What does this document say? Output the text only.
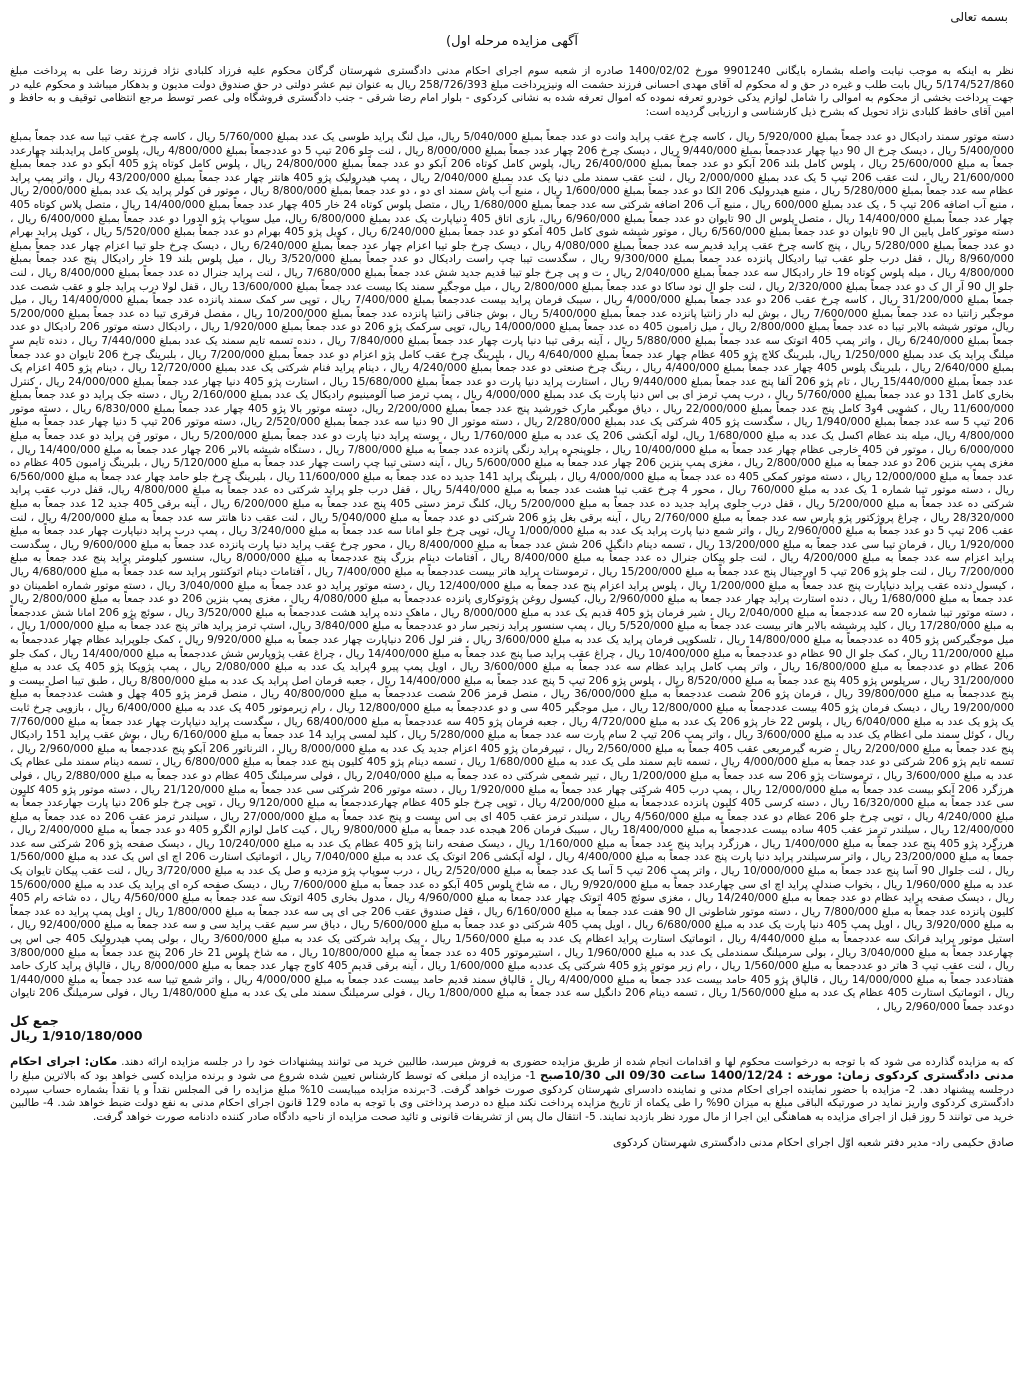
بسمه تعالی
آگهی مزایده مرحله اول)

نظر به اینکه به موجب نیابت واصله بشماره بایگانی 9901240 مورخ 1400/02/02 صادره از شعبه سوم اجرای احکام مدنی دادگستری شهرستان گرگان محکوم علیه فرزاد کلبادی نژاد فرزند رضا علی به پرداخت مبلغ 5/174/527/860 ریال بابت طلب و غیره در حق و له محکوم له آقای مهدی احسانی فرزند حشمت اله ونیزپرداخت مبلغ 258/726/393 ریال به عنوان نیم عشر دولتی در حق صندوق دولت مدیون و بدهکار میباشد و محکوم علیه در جهت پرداخت بخشی از محکوم به اموالی را شامل لوازم یدکی خودرو تعرفه نموده که اموال تعرفه شده به نشانی کردکوی - بلوار امام رضا شرقی - جنب دادگستری فروشگاه ولی عصر توسط مرجع انتظامی توقیف و به حافظ و امین آقای حافظ کلبادی نژاد تحویل که بشرح ذیل کارشناسی و ارزیابی گردیده است:

دسته موتور سمند رادیکال دو عدد جمعاً بمبلغ 5/920/000 ریال ، کاسه چرخ عقب پراید وانت دو عدد جمعاً بمبلغ 5/040/000 ریال، میل لنگ پراید طوسی یک عدد بمبلغ 5/760/000 ریال ، کاسه چرخ عقب تیبا سه عدد جمعاً بمبلغ 5/400/000 ریال ، دیسک چرخ ال 90 دیپا چهار عددجمعاً بمبلغ 9/440/000 ریال ، دیسک چرخ 206 چهار عدد جمعاً بمبلغ 8/000/000 ریال ، لنت جلو 206 تیپ 5 دو عددجمعاً بمبلغ 4/800/000 ریال، پلوس کامل پرایدبلند چهارعدد جمعاً به مبلغ 25/600/000 ریال ، پلوس کامل بلند 206 آبکو دو عدد جمعاً بمبلغ 26/400/000 ریال، پلوس کامل کوتاه 206 آبکو دو عدد جمعاً بمبلغ 24/800/000 ریال ، پلوس کامل کوتاه پژو 405 آبکو دو عدد جمعاً بمبلغ 21/600/000 ریال ، لنت عقب 206 تیپ 5 یک عدد بمبلغ 2/000/000 ریال ، لنت عقب سمند ملی دنیا یک عدد بمبلغ 2/040/000 ریال ، پمپ هیدرولیک پژو 405 هانتر چهار عدد جمعاً بمبلغ 43/200/000 ریال ، واتر پمپ پراید عظام سه عدد جمعاً بمبلغ 5/280/000 ریال ، منبع هیدرولیک 206 الکا دو عدد جمعاً بمبلغ 1/600/000 ریال ، منبع آب پاش سمند ای دو ، دو عدد جمعاً بمبلغ 8/800/000 ریال ، موتور فن کولر پراید یک عدد بمبلغ 2/000/000 ریال ، منبع آب اضافه 206 تیپ 5 ، یک عدد بمبلغ 600/000 ریال ، منبع آب 206 اضافه شرکتی سه عدد جمعاً بمبلغ 1/680/000 ریال ، متصل پلوس کوتاه 24 خار 405 چهار عدد جمعاً بمبلغ 14/400/000 ریال ، متصل پلاس کوتاه 405 چهار عدد جمعاً بمبلغ 14/400/000 ریال ، متصل پلوس ال 90 تایوان دو عدد جمعاً بمبلغ 6/960/000 ریال، بازی اتاق 405 دنیاپارت یک عدد بمبلغ 6/800/000 ریال، میل سوپاپ پژو الدورا دو عدد جمعاً بمبلغ 6/400/000 ریال ، دسته موتور کامل پایین ال 90 تایوان دو عدد جمعاً بمبلغ 6/560/000 ریال ، موتور شیشه شوی کامل 405 آمکو دو عدد جمعاً بمبلغ 6/240/000 ریال ، کویل پژو 405 بهرام دو عدد جمعاً بمبلغ 5/520/000 ریال ، کویل پراید بهرام دو عدد جمعاً بمبلغ 5/280/000 ریال ، پنج کاسه چرخ عقب پراید قدیم سه عدد جمعاً بمبلغ 4/080/000 ریال ، دیسک چرخ جلو تیبا اعزام چهار عدد جمعاً بمبلغ 6/240/000 ریال ، دیسک چرخ جلو تیبا اعزام چهار عدد جمعاً بمبلغ 8/960/000 ریال ، قفل درب جلو عقب تیبا رادیکال پانزده عدد جمعاً بمبلغ 9/300/000 ریال ، سگدست تیبا چپ راست رادیکال دو عدد جمعاً بمبلغ 3/520/000 ریال ، میل پلوس بلند 19 خار رادیکال پنج عدد جمعاً بمبلغ 4/800/000 ریال ، میله پلوس کوتاه 19 خار رادیکال سه عدد جمعاً بمبلغ 2/040/000 ریال ، ت و پی چرخ جلو تیبا قدیم جدید شش عدد جمعاً بمبلغ 7/680/000 ریال ، لنت پراید جنرال ده عدد جمعاً بمبلغ 8/400/000 ریال ، لنت جلو ال 90 آر ال ک دو عدد جمعاً بمبلغ 2/320/000 ریال ، لنت جلو ال نود ساکا دو عدد جمعاً بمبلغ 2/800/000 ریال ، میل موجگیر سمند یکا بیست عدد جمعاً بمبلغ 13/600/000 ریال ، قفل لولا درب پراید جلو و عقب شصت عدد جمعاً بمبلغ 31/200/000 ریال ، کاسه چرخ عقب 206 دو عدد جمعاً بمبلغ 4/000/000 ریال ، سیبک فرمان پراید بیست عددجمعاً بمبلغ 7/400/000 ریال ، توپی سر کمک سمند پانزده عدد جمعاً بمبلغ 14/400/000 ریال ، میل موجگیر زانتیا ده عدد جمعاً بمبلغ 7/600/000 ریال ، بوش لبه دار زانتیا پانزده عدد جمعاً بمبلغ 5/400/000 ریال ، بوش جناقی زانتیا پانزده عدد جمعاً بمبلغ 10/200/000 ریال ، مفصل فرقری تیبا ده عدد جمعاً بمبلغ 5/200/000 ریال، موتور شیشه بالابر تیبا ده عدد جمعاً بمبلغ 2/800/000 ریال ، میل زامبون 405 ده عدد جمعاً بمبلغ 14/000/000 ریال، توپی سرکمک پژو 206 دو عدد جمعاً بمبلغ 1/920/000 ریال ، رادیکال دسته موتور 206 رادیکال دو عدد جمعاً بمبلغ 6/240/000 ریال ، واتر پمپ 405 اتوتک سه عدد جمعاً بمبلغ 5/880/000 ریال ، آینه برقی تیبا دنیا پارت چهار عدد جمعاً بمبلغ 7/840/000 ریال ، دنده تسمه تایم سمند یک عدد بمبلغ 7/440/000 ریال ، دنده تایم سر میلنگ پراید یک عدد بمبلغ 1/250/000 ریال، بلبرینگ کلاچ پژو 405 عظام چهار عدد جمعاً بمبلغ 4/640/000 ریال ، بلبرینگ چرخ عقب کامل پژو اعزام دو عدد جمعاً بمبلغ 7/200/000 ریال ، بلبرینگ چرخ 206 تایوان دو عدد جمعاً بمبلغ 2/640/000 ریال ، بلبرینگ پلوس 405 چهار عدد جمعاً بمبلغ 4/400/000 ریال ، رینگ چرخ صنعتی دو عدد جمعاً بمبلغ 4/240/000 ریال ، دینام پراید فنام شرکتی یک عدد بمبلغ 12/720/000 ریال ، دینام پژو 405 اعزام یک عدد جمعاً بمبلغ 15/440/000 ریال ، تام پژو 206 آلفا پنج عدد جمعاً بمبلغ 9/440/000 ریال ، استارت پراید دنیا پارت دو عدد جمعاً بمبلغ 15/680/000 ریال ، استارت پژو 405 دنیا چهار عدد جمعاً بمبلغ 24/000/000 ریال ، کنترل بخاری کامل 131 دو عدد جمعاً بمبلغ 5/760/000 ریال ، درب پمپ ترمز ای بی اس دنیا پارت یک عدد بمبلغ 4/000/000 ریال ، پمپ ترمز صبا آلومینیوم رادیکال یک عدد بمبلغ 2/160/000 ریال ، دسته جک پراید دو عدد جمعاً بمبلغ 11/600/000 ریال ، کشویی 4و3 کامل پنج عدد جمعاً بمبلغ 22/000/000 ریال ، دیاق موبگیر مارک خورشید پنج عدد جمعاً بمبلغ 2/200/000 ریال، دسته موتور بالا پژو 405 چهار عدد جمعاً بمبلغ 6/830/000 ریال ، دسته موتور 206 تیپ 5 سه عدد جمعاً بمبلغ 1/940/000 ریال ، سگدست پژو 405 شرکتی یک عدد بمبلغ 2/280/000 ریال ، دسته موتور ال 90 دنیا سه عدد جمعاً بمبلغ 2/520/000 ریال، دسته موتور 206 تیپ 5 دنیا چهار عدد جمعاً به مبلغ 4/800/000 ریال، میله بند عظام اکسل یک عدد به مبلغ 1/680/000 ریال، لوله آبکشی 206 یک عدد به مبلغ 1/760/000 ریال ، یوسته پراید دنیا پارت دو عدد جمعاً بمبلغ 5/200/000 ریال ، موتور فن پراید دو عدد جمعاً به مبلغ 6/000/000 ریال ، موتور فن 405 خارجی عظام چهار عدد جمعاً به مبلغ 10/400/000 ریال ، جلوپنجره پراید رنگی پانزده عدد جمعاً به مبلغ 7/800/000 ریال ، دستگاه شیشه بالابر 206 چهار عدد جمعاً به مبلغ 14/400/000 ریال ، مغزی پمپ بنزین 206 دو عدد جمعاً به مبلغ 2/800/000 ریال ، مغزی پمپ بنزین 206 چهار عدد جمعاً به مبلغ 5/600/000 ریال ، آینه دستی تیبا چپ راست چهار عدد جمعاً به مبلغ 5/120/000 ریال ، بلبرینگ زامبون 405 عظام ده عدد جمعاً به مبلغ 12/000/000 ریال ، دسته موتور کمکی 405 ده عدد جمعاً به مبلغ 4/000/000 ریال ، بلبرینگ پراید 141 جدید ده عدد جمعاً به مبلغ 11/600/000 ریال ، بلبرینگ چرخ جلو حامد چهار عدد جمعاً به مبلغ 6/560/000 ریال ، دسته موتور تیبا شماره 1 یک عدد به مبلغ 760/000 ریال ، محور 4 چرخ عقب تیبا هشت عدد جمعاً به مبلغ 5/440/000 ریال ، قفل درب جلو پراید شرکتی ده عدد جمعاً به مبلغ 4/800/000 ریال، قفل درب عقب پراید شرکتی ده عدد جمعاً به مبلغ 5/200/000 ریال ، قفل درب جلوی پراید جدید ده عدد جمعاً به مبلغ 5/200/000 ریال، کلنگ ترمز دستی 405 پنج عدد جمعاً به مبلغ 6/200/000 ریال ، آینه برقی 405 جدید 12 عدد جمعاً به مبلغ 28/320/000 ریال ، چراغ پروژکتور پژو پارس سه عدد جمعاً به مبلغ 2/760/000 ریال ، آینه برقی بغل پژو 206 شرکتی دو عدد جمعاً به مبلغ 5/040/000 ریال ، لنت عقب دنا هانتر سه عدد جمعاً به مبلغ 4/200/000 ریال ، لنت عقب 206 تیپ 5 دو عدد جمعاً به مبلغ 2/960/000 ریال ، واتر شمع دنیا پارت پراید یک عدد به مبلغ 1/000/000 ریال، توپی چرخ جلو امانا سه عدد جمعاً به مبلغ 3/240/000 ریال ، پمپ درب پراید دنیاپارت چهار عدد جمعاً به مبلغ 1/920/000 ریال ، فرمان تیبا سی عدد جمعاً به مبلغ 13/200/000 ریال ، تسمه دینام دانگیل 206 شش عدد جمعاً به مبلغ 8/400/000 ریال ، محور چرخ عقب پراید دنیا پارت پانزده عدد جمعاً به مبلغ 9/600/000 ریال ، سگدست پراید اعزام سه عدد جمعاً به مبلغ 4/200/000 ریال ، لنت جلو پیکان جنرال ده عدد جمعاً به مبلغ 8/400/000 ریال ، آفتامات دینام بزرگ پنج عددجمعاً به مبلغ 8/000/000 ریال، سنسور کیلومتر پراید پنج عدد جمعاً به مبلغ 7/200/000 ریال ، لنت جلو پژو 206 تیپ 5 اورجینال پنج عدد جمعاً به مبلغ 15/200/000 ریال ، ترموستات پراید هاتر بیست عددجمعاً به مبلغ 7/400/000 ریال ، آفتامات دینام اتوکنتور پراید سه عدد جمعاً به مبلغ 4/680/000 ریال ، کیسول دنده عقب پراید دنیاپارت پنج عدد جمعاً به مبلغ 1/200/000 ریال ، پلوس پراید اعزام پنج عدد جمعاً به مبلغ 12/400/000 ریال ، دسته موتور پراید دو عدد جمعاً به مبلغ 3/040/000 ریال ، دسته موتور شماره اطمینان دو عدد جمعاً به مبلغ 1/680/000 ریال ، دنده استارت پراید چهار عدد جمعاً به مبلغ 2/960/000 ریال، کیسول روغن پژوتوکاری پانزده عددجمعاً به مبلغ 4/080/000 ریال ، مغزی پمپ بنزین 206 دو عدد جمعاً به مبلغ 2/800/000 ریال ، دسته موتور تیبا شماره 20 سه عددجمعاً به مبلغ 2/040/000 ریال ، شیر فرمان پژو 405 قدیم یک عدد به مبلغ 8/000/000 ریال ، ماهک دنده پراید هشت عددجمعاً به مبلغ 3/520/000 ریال ، سوئچ پژو 206 امانا شش عددجمعاً به مبلغ 17/280/000 ریال ، کلید پرشیشه بالابر هاتر بیست عدد جمعاً به مبلغ 5/520/000 ریال ، پمپ سنسور پراید زنجیر سار دو عددجمعاً به مبلغ 3/840/000 ریال، استپ ترمز پراید هاتر پنج عدد جمعاً به مبلغ 1/000/000 ریال ، میل موجگیرکس پژو 405 ده عددجمعاً به مبلغ 14/800/000 ریال ، تلسکوپی فرمان پراید یک عدد به مبلغ 3/600/000 ریال ، فنر لول 206 دنیاپارت چهار عدد جمعاً به مبلغ 9/920/000 ریال ، کمک جلوپراید عظام چهار عددجمعاً به مبلغ 11/200/000 ریال ، کمک جلو ال 90 عظام دو عددجمعاً به مبلغ 10/400/000 ریال ، چراغ عقب پراید صبا پنج عدد جمعاً به مبلغ 14/400/000 ریال ، چراغ عقب پژوپارس شش عددجمعاً به مبلغ 14/400/000 ریال ، کمک جلو 206 عظام دو عددجمعاً به مبلغ 16/800/000 ریال ، واتر پمپ کامل پراید عظام سه عدد جمعاً به مبلغ 3/600/000 ریال ، اویل پمپ پیرو 4پراید یک عدد به مبلغ 2/080/000 ریال ، پمپ پژویکا پژو 405 یک عدد به مبلغ 31/200/000 ریال ، سرپلوس پژو 405 پنج عدد جمعاً به مبلغ 8/520/000 ریال ، پلوس پژو 206 تیپ 5 پنج عدد جمعاً به مبلغ 14/400/000 ریال ، جعبه فرمان اصل پراید یک عدد به مبلغ 8/800/000 ریال ، طبق تیبا اصل بیست و پنج عددجمعاً به مبلغ 39/800/000 ریال ، فرمان پژو 206 شصت عددجمعاً به مبلغ 36/000/000 ریال ، منصل قرمز 206 شصت عددجمعاً به مبلغ 40/800/000 ریال ، منصل قرمز پژو 405 چهل و هشت عددجمعاً به مبلغ 19/200/000 ریال ، دیسک فرمان پژو 405 بیست عددجمعاً به مبلغ 12/800/000 ریال ، میل موجگیر 405 سی و دو عددجمعاً به مبلغ 12/800/000 ریال ، رام زیرموتور 405 یک عدد به مبلغ 6/400/000 ریال ، بازویی چرخ ثابت یک پژو یک عدد به مبلغ 6/040/000 ریال ، پلوس 22 خار پژو 206 یک عدد به مبلغ 4/720/000 ریال ، جعبه فرمان پژو 405 سه عددجمعاً به مبلغ 68/400/000 ریال ، سگدست پراید دنیاپارت چهار عدد جمعاً به مبلغ 7/760/000 ریال ، کوئل سمند ملی اعظام یک عدد به مبلغ 3/600/000 ریال ، واتر پمپ 206 تیپ 2 سام پارت سه عدد جمعاً به مبلغ 5/280/000 ریال ، کلید لمسی پراید 14 عدد جمعاً به مبلغ 6/160/000 ریال ، بوش عقب پراید 151 رادیکال پنج عدد جمعاً به مبلغ 2/200/000 ریال ، ضربه گیرمربعی عقب 405 جمعاً به مبلغ 2/560/000 ریال ، تیپرفرمان پژو 405 اعزام جدید یک عدد به مبلغ 8/000/000 ریال ، الترناتور 206 آبکو پنج عددجمعاً به مبلغ 2/960/000 ریال ، تسمه تایم پژو 206 شرکتی دو عدد جمعاً به مبلغ 4/000/000 ریال ، تسمه تایم سمند ملی یک عدد به مبلغ 1/680/000 ریال ، تسمه دینام پژو 405 کلیون پنج عدد جمعاً به مبلغ 6/800/000 ریال ، تسمه دینام سمند ملی عظام یک عدد به مبلغ 3/600/000 ریال ، ترموستات پژو 206 سه عدد جمعاً به مبلغ 1/200/000 ریال ، تیپر شمعی شرکتی ده عدد جمعاً به مبلغ 2/040/000 ریال ، فولی سرمیلنگ 405 عظام دو عدد جمعاً به مبلغ 2/880/000 ریال ، فولی هرزگرد 206 آبکو بیست عدد جمعاً به مبلغ 12/000/000 ریال ، پمپ درب 405 شرکتی چهار عدد جمعاً به مبلغ 1/920/000 ریال ، دسته موتور 206 شرکتی سی عدد جمعاً به مبلغ 21/120/000 ریال ، دسته موتور پژو 405 کلیون سی عدد جمعاً به مبلغ 16/320/000 ریال ، دسته کرسی 405 کلیون پانزده عددجمعاً به مبلغ 4/200/000 ریال ، توپی چرخ جلو 405 عظام چهارعددجمعاً به مبلغ 9/120/000 ریال ، توپی چرخ جلو 206 دنیا پارت جهارعدد جمعاً به مبلغ 4/240/000 ریال ، توپی چرخ جلو 206 عظام دو عدد جمعاً به مبلغ 4/560/000 ریال ، سیلندر ترمز عقب 405 ای بی اس بیست و پنج عدد جمعاً به مبلغ 27/000/000 ریال ، سیلندر ترمز عقب 206 ده عدد جمعاً به مبلغ 12/400/000 ریال ، سیلندر ترمز عقب 405 ساده بیست عددجمعاً به مبلغ 18/400/000 ریال ، سیبک فرمان 206 هیجده عدد جمعاً به مبلغ 9/800/000 ریال ، کیت کامل لوازم الگرو 405 دو عدد جمعاً به مبلغ 2/400/000 ریال ، هرزگرد پژو 405 پنج عدد جمعاً به مبلغ 1/400/000 ریال ، هرزگرد پراید پنج عدد جمعاً به مبلغ 1/160/000 ریال ، دیسک صفحه راننا پژو 405 عظام یک عدد به مبلغ 10/240/000 ریال ، دیسک صفحه پژو 206 شرکتی سه عدد جمعاً به مبلغ 23/200/000 ریال ، واتر سرسیلندر پراید دنیا پارت پنج عدد جمعاً به مبلغ 4/400/000 ریال ، لوله آبکشی 206 اتوتک یک عدد به مبلغ 7/040/000 ریال ، اتوماتیک استارت 206 اچ ای اس یک عدد به مبلغ 1/560/000 ریال ، لنت جلوال 90 آسا پنج عدد جمعاً به مبلغ 10/000/000 ریال ، واتر پمپ 206 تیپ 5 آسا یک عدد جمعاً به مبلغ 2/520/000 ریال ، درب سوپاپ پژو مزدیه و صل یک عدد به مبلغ 3/720/000 ریال ، لنت عقب پیکان تایوان یک عدد به مبلغ 1/960/000 ریال ، بخواب صندلی پراید اچ ای سی چهارعدد جمعاً به مبلغ 9/920/000 ریال ، مه شاخ پلوس 405 آبکو ده عدد جمعاً به مبلغ 7/600/000 ریال ، دیسک صفحه کره ای پراید یک عدد به مبلغ 15/600/000 ریال ، دیسک صفحه پراید عظام دو عدد جمعاً به مبلغ 14/240/000 ریال ، مغزی سوئچ 405 اتوتک چهار عدد جمعاً به مبلغ 4/960/000 ریال ، مدول بخاری 405 اتوتک سه عدد جمعاً به مبلغ 4/560/000 ریال ، ده شاخه رام 405 کلیون پانزده عدد جمعاً به مبلغ 7/800/000 ریال ، دسته موتور شاطونی ال 90 هفت عدد جمعاً به مبلغ 6/160/000 ریال ، قفل صندوق عقب 206 جی ای پی سه عدد جمعاً به مبلغ 1/800/000 ریال ، اویل پمپ پراید ده عدد جمعاً به مبلغ 3/920/000 ریال ، اویل پمپ 405 دنیا پارت یک عدد به مبلغ 6/680/000 ریال ، اویل پمپ 405 شرکتی دو عدد جمعاً به مبلغ 5/600/000 ریال ، دیاق سر سیم عقب پراید سی و سه عدد جمعاً به مبلغ 92/400/000 ریال ، استیل موتور پراید فرانک سه عددجمعاً به مبلغ 4/440/000 ریال ، اتوماتیک استارت پراید اعظام یک عدد به مبلغ 1/560/000 ریال ، پیک پراید شرکتی یک عدد به مبلغ 3/600/000 ریال ، بولی پمپ هیدرولیک 405 جی اس پی چهارعدد جمعاً به مبلغ 3/040/000 ریال ، بولی سرمیلنگ سمندملی یک عدد به مبلغ 1/960/000 ریال ، استیرموتور 405 ده عدد جمعاً به مبلغ 10/800/000 ریال ، مه شاخ پلوس 21 خار 206 پنج عدد جمعاً به مبلغ 3/800/000 ریال ، لنت عقب تیپ 3 هاتر دو عددجمعاً به مبلغ 1/560/000 ریال ، رام زیر موتور پژو 405 شرکتی یک عددبه مبلغ 1/600/000 ریال ، آینه برقی قدیم 405 کاوج چهار عدد جمعاً به مبلغ 8/000/000 ریال ، قالپاق پراید کارک حامد هفتادعدد جمعاً به مبلغ 14/000/000 ریال ، قالپاق پژو 405 حامد بیست عدد جمعاً به مبلغ 4/400/000 ریال ، قالپاق سمند قدیم حامد بیست عدد جمعاً به مبلغ 4/000/000 ریال ، واتر شمع تیبا سه عدد جمعاً به مبلغ 1/440/000 ریال ، اتوماتیک استارت 405 عظام یک عدد به مبلغ 1/560/000 ریال ، تسمه دینام 206 دانگیل سه عدد جمعاً به مبلغ 1/800/000 ریال ، فولی سرمیلنگ سمند ملی یک عدد به مبلغ 1/480/000 ریال ، فولی سرمیلنگ 206 تایوان دوعدد جمعاً 2/960/000 ریال ،

جمع کل
1/910/180/000 ریال

که به مزایده گذارده می شود که با توجه به درخواست محکوم لها و اقدامات انجام شده از طریق مزایده حضوری به فروش میرسد، طالبین خرید می توانند پیشنهادات خود را در جلسه مزایده ارائه دهند. مکان: اجرای احکام مدنی دادگستری کردکوی زمان: مورخه : 1400/12/24 ساعت 09/30 الی 10/30صبح 1- مزایده از مبلغی که توسط کارشناس تعیین شده شروع می شود و برنده مزایده کسی خواهد بود که بالاترین مبلغ را درجلسه پیشنهاد دهد. 2- مزایده با حضور نماینده اجرای احکام مدنی و نماینده دادسرای شهرستان کردکوی صورت خواهد گرفت. 3-برنده مزایده میبایست 10% مبلغ مزایده را فی المجلس نقداً و یا نقداً بشماره حساب سپرده دادگستری کردکوی واریز نماید در صورتیکه الباقی مبلغ به میزان 90% را طی یکماه از تاریخ مزایده پرداخت نکند مبلغ ده درصد پرداختی وی با توجه به ماده 129 قانون اجرای احکام مدنی به نفع دولت ضبط خواهد شد. 4- طالبین خرید می توانند 5 روز قبل از اجرای مزایده به هماهنگی این اجرا از مال مورد نظر بازدید نمایند. 5- انتقال مال پس از تشریفات قانونی و تائید صحت مزایده از ناحیه دادگاه صادر کننده دادنامه صورت خواهد گرفت.

صادق حکیمی راد- مدیر دفتر شعبه اوّل اجرای احکام مدنی دادگستری شهرستان کردکوی
